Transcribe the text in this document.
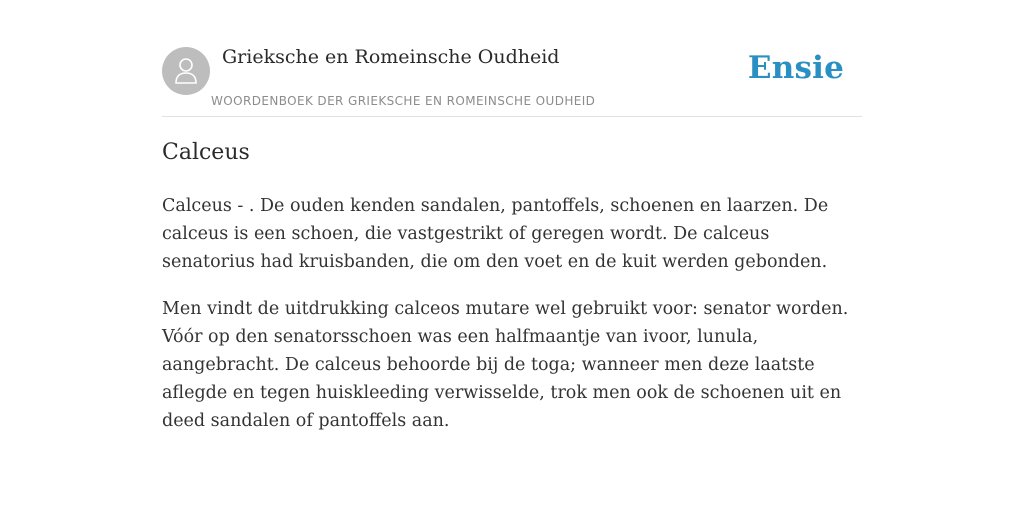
Grieksche en Romeinsche Oudheid
WOORDENBOEK DER GRIEKSCHE EN ROMEINSCHE OUDHEID
Ensie
Calceus

Calceus - . De ouden kenden sandalen, pantoffels, schoenen en laarzen. De calceus is een schoen, die vastgestrikt of geregen wordt. De calceus senatorius had kruisbanden, die om den voet en de kuit werden gebonden.

Men vindt de uitdrukking calceos mutare wel gebruikt voor: senator worden. Vóór op den senatorsschoen was een halfmaantje van ivoor, lunula, aangebracht. De calceus behoorde bij de toga; wanneer men deze laatste aflegde en tegen huiskleeding verwisselde, trok men ook de schoenen uit en deed sandalen of pantoffels aan.
